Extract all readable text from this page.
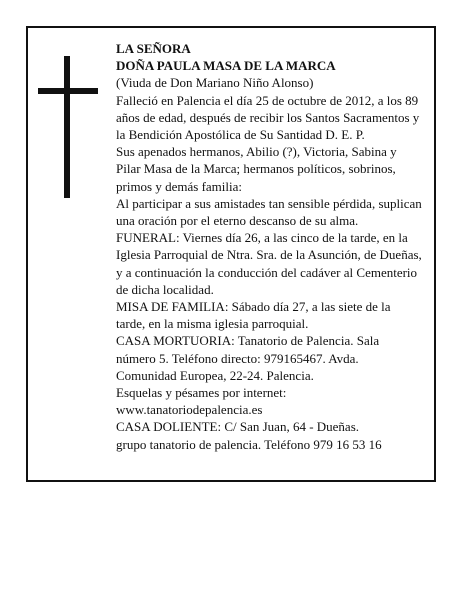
LA SEÑORA

DOÑA PAULA MASA DE LA MARCA

(Viuda de Don Mariano Niño Alonso)

Falleció en Palencia el día 25 de octubre de 2012, a los 89 años de edad, después de recibir los Santos Sacramentos y la Bendición Apostólica de Su Santidad D. E. P.

Sus apenados hermanos, Abilio (?), Victoria, Sabina y Pilar Masa de la Marca; hermanos políticos, sobrinos, primos y demás familia:

Al participar a sus amistades tan sensible pérdida, suplican una oración por el eterno descanso de su alma.

FUNERAL: Viernes día 26, a las cinco de la tarde, en la Iglesia Parroquial de Ntra. Sra. de la Asunción, de Dueñas, y a continuación la conducción del cadáver al Cementerio de dicha localidad.

MISA DE FAMILIA: Sábado día 27, a las siete de la tarde, en la misma iglesia parroquial.

CASA MORTUORIA: Tanatorio de Palencia. Sala número 5. Teléfono directo: 979165467. Avda. Comunidad Europea, 22-24. Palencia.

Esquelas y pésames por internet: www.tanatoriodepalencia.es

CASA DOLIENTE: C/ San Juan, 64 - Dueñas.

grupo tanatorio de palencia. Teléfono 979 16 53 16
